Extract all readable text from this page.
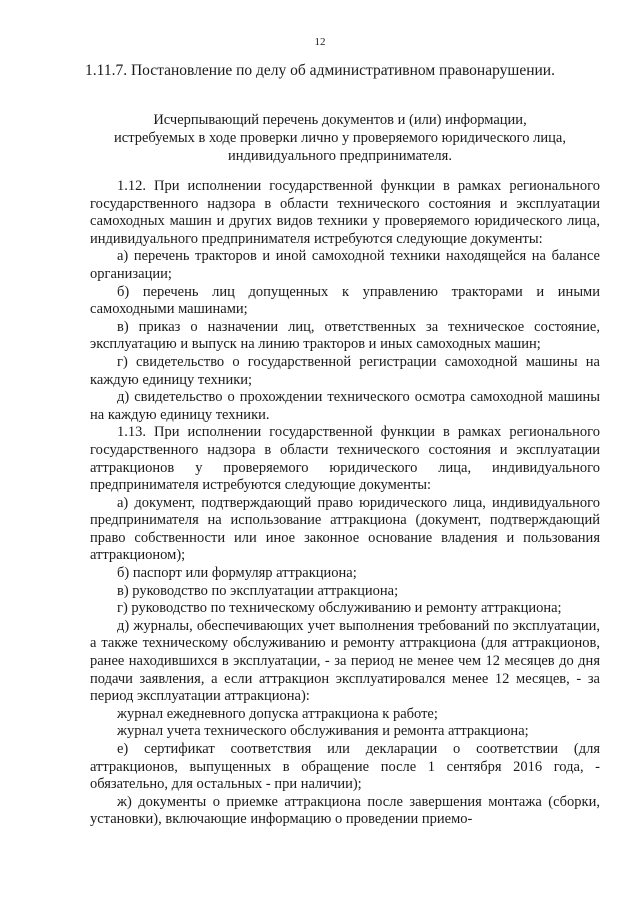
12
1.11.7. Постановление по делу об административном правонарушении.
Исчерпывающий перечень документов и (или) информации,
истребуемых в ходе проверки лично у проверяемого юридического лица,
индивидуального предпринимателя.

1.12. При исполнении государственной функции в рамках регионального государственного надзора в области технического состояния и эксплуатации самоходных машин и других видов техники у проверяемого юридического лица, индивидуального предпринимателя истребуются следующие документы:

а) перечень тракторов и иной самоходной техники находящейся на балансе организации;

б) перечень лиц допущенных к управлению тракторами и иными самоходными машинами;

в) приказ о назначении лиц, ответственных за техническое состояние, эксплуатацию и выпуск на линию тракторов и иных самоходных машин;

г) свидетельство о государственной регистрации самоходной машины на каждую единицу техники;

д) свидетельство о прохождении технического осмотра самоходной машины на каждую единицу техники.

1.13. При исполнении государственной функции в рамках регионального государственного надзора в области технического состояния и эксплуатации аттракционов у проверяемого юридического лица, индивидуального предпринимателя истребуются следующие документы:

а) документ, подтверждающий право юридического лица, индивидуального предпринимателя на использование аттракциона (документ, подтверждающий право собственности или иное законное основание владения и пользования аттракционом);

б) паспорт или формуляр аттракциона;

в) руководство по эксплуатации аттракциона;

г) руководство по техническому обслуживанию и ремонту аттракциона;

д) журналы, обеспечивающих учет выполнения требований по эксплуатации, а также техническому обслуживанию и ремонту аттракциона (для аттракционов, ранее находившихся в эксплуатации, - за период не менее чем 12 месяцев до дня подачи заявления, а если аттракцион эксплуатировался менее 12 месяцев, - за период эксплуатации аттракциона):

журнал ежедневного допуска аттракциона к работе;

журнал учета технического обслуживания и ремонта аттракциона;

е) сертификат соответствия или декларации о соответствии (для аттракционов, выпущенных в обращение после 1 сентября 2016 года, - обязательно, для остальных - при наличии);

ж) документы о приемке аттракциона после завершения монтажа (сборки, установки), включающие информацию о проведении приемо-
